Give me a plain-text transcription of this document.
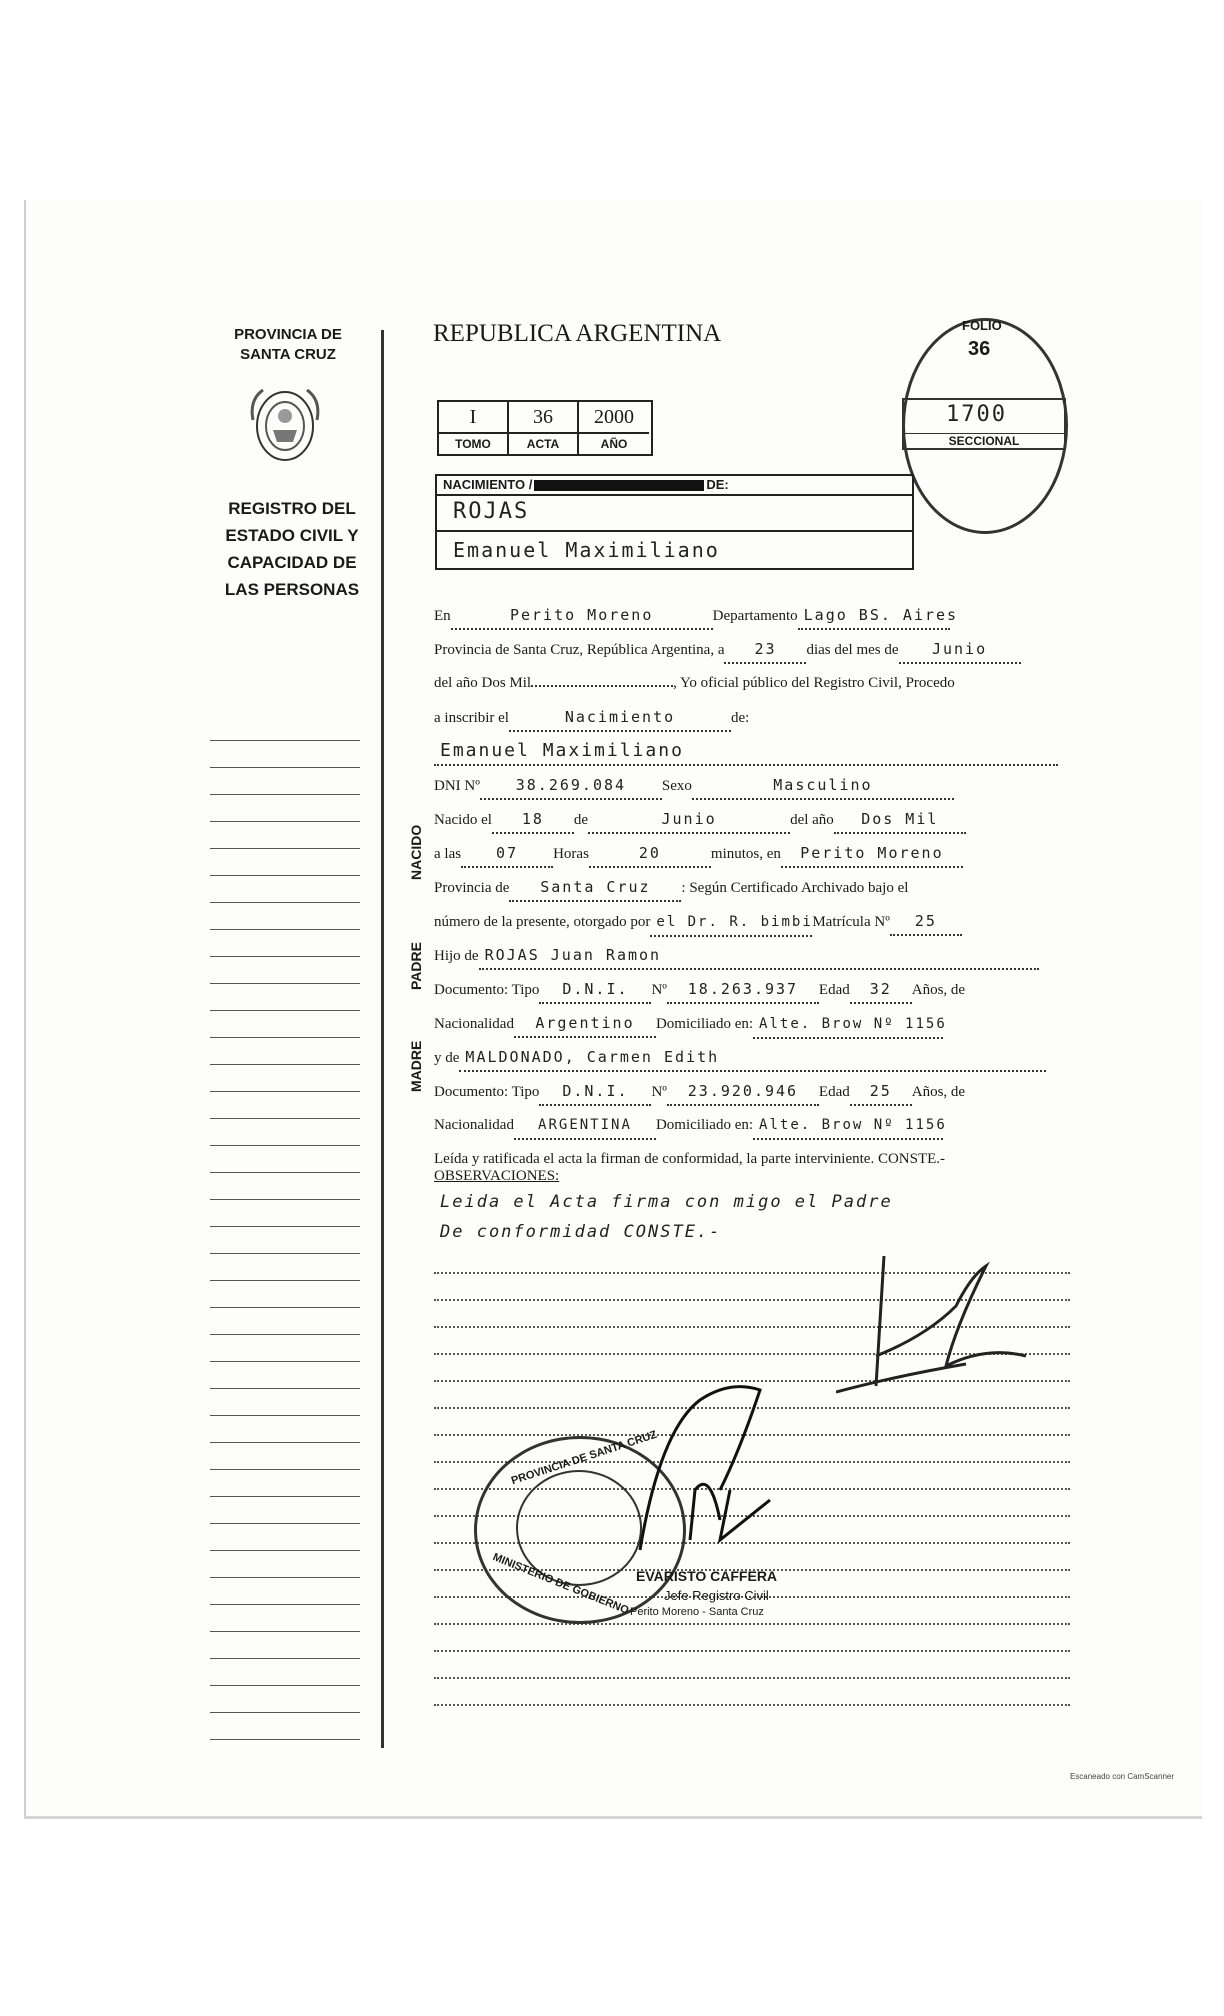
PROVINCIA DE
SANTA CRUZ
REGISTRO DEL
ESTADO CIVIL Y
CAPACIDAD DE
LAS PERSONAS
REPUBLICA ARGENTINA
I	36	2000
TOMO	ACTA	AÑO
FOLIO
36
1700
SECCIONAL
NACIMIENTO /	DE:
ROJAS
Emanuel Maximiliano
En	Perito Moreno	Departamento Lago BS. Aires
Provincia de Santa Cruz, República Argentina, a 23 dias del mes de Junio
del año Dos Mil	, Yo oficial público del Registro Civil, Procedo
a inscribir el	Nacimiento	de:
Emanuel Maximiliano
DNI Nº 38.269.084 Sexo	Masculino
Nacido el 18 de	Junio	del año Dos Mil
a las 07 Horas	20	minutos, en Perito Moreno
Provincia de Santa Cruz : Según Certificado Archivado bajo el
número de la presente, otorgado por el Dr. R. bimbiMatrícula Nº 25
Hijo de ROJAS Juan Ramon
Documento: Tipo D.N.I. Nº 18.263.937 Edad 32 Años, de
Nacionalidad Argentino Domiciliado en: Alte. Brow Nº 1156
y de MALDONADO, Carmen Edith
Documento: Tipo D.N.I. Nº 23.920.946 Edad 25 Años, de
Nacionalidad ARGENTINA Domiciliado en: Alte. Brow Nº 1156
Leída y ratificada el acta la firman de conformidad, la parte interviniente. CONSTE.-
NACIDO
PADRE
MADRE
OBSERVACIONES:
Leida el Acta firma con migo el Padre
De conformidad CONSTE.-
PROVINCIA DE SANTA CRUZ
MINISTERIO DE GOBIERNO EVARISTO CAFFERA
Jefe Registro Civil
Perito Moreno - Santa Cruz
Escaneado con CamScanner
